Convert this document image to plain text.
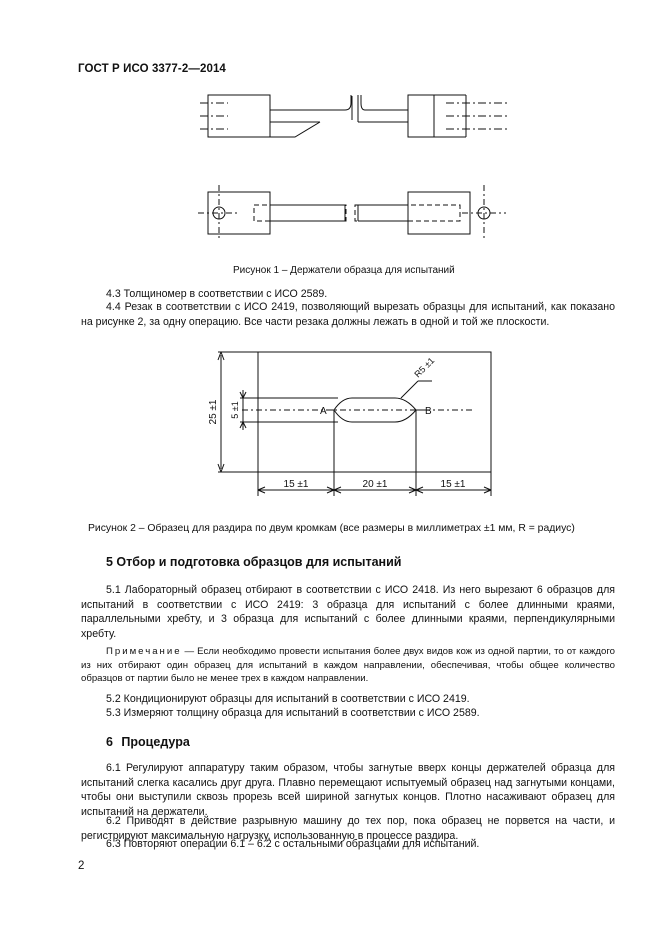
ГОСТ Р ИСО 3377-2—2014
Рисунок 1 – Держатели образца для испытаний
4.3 Толщиномер в соответствии с ИСО 2589.
4.4 Резак в соответствии с ИСО 2419, позволяющий вырезать образцы для испытаний, как показано на рисунке 2, за одну операцию. Все части резака должны лежать в одной и той же плоскости.
25 ±1 5 ±1
R5 ±1
A	B
15 ±1	20 ±1	15 ±1
Рисунок 2 – Образец для раздира по двум кромкам (все размеры в миллиметрах ±1 мм, R = радиус)
5 Отбор и подготовка образцов для испытаний
5.1 Лабораторный образец отбирают в соответствии с ИСО 2418. Из него вырезают 6 образцов для испытаний в соответствии с ИСО 2419: 3 образца для испытаний с более длинными краями, параллельными хребту, и 3 образца для испытаний с более длинными краями, перпендикулярными хребту.
Примечание — Если необходимо провести испытания более двух видов кож из одной партии, то от каждого из них отбирают один образец для испытаний в каждом направлении, обеспечивая, чтобы общее количество образцов от партии было не менее трех в каждом направлении.
5.2 Кондиционируют образцы для испытаний в соответствии с ИСО 2419.
5.3 Измеряют толщину образца для испытаний в соответствии с ИСО 2589.
6 Процедура
6.1 Регулируют аппаратуру таким образом, чтобы загнутые вверх концы держателей образца для испытаний слегка касались друг друга. Плавно перемещают испытуемый образец над загнутыми концами, чтобы они выступили сквозь прорезь всей шириной загнутых концов. Плотно насаживают образец для испытаний на держатели.
6.2 Приводят в действие разрывную машину до тех пор, пока образец не порвется на части, и регистрируют максимальную нагрузку, использованную в процессе раздира.
6.3 Повторяют операции 6.1 – 6.2 с остальными образцами для испытаний.
2
